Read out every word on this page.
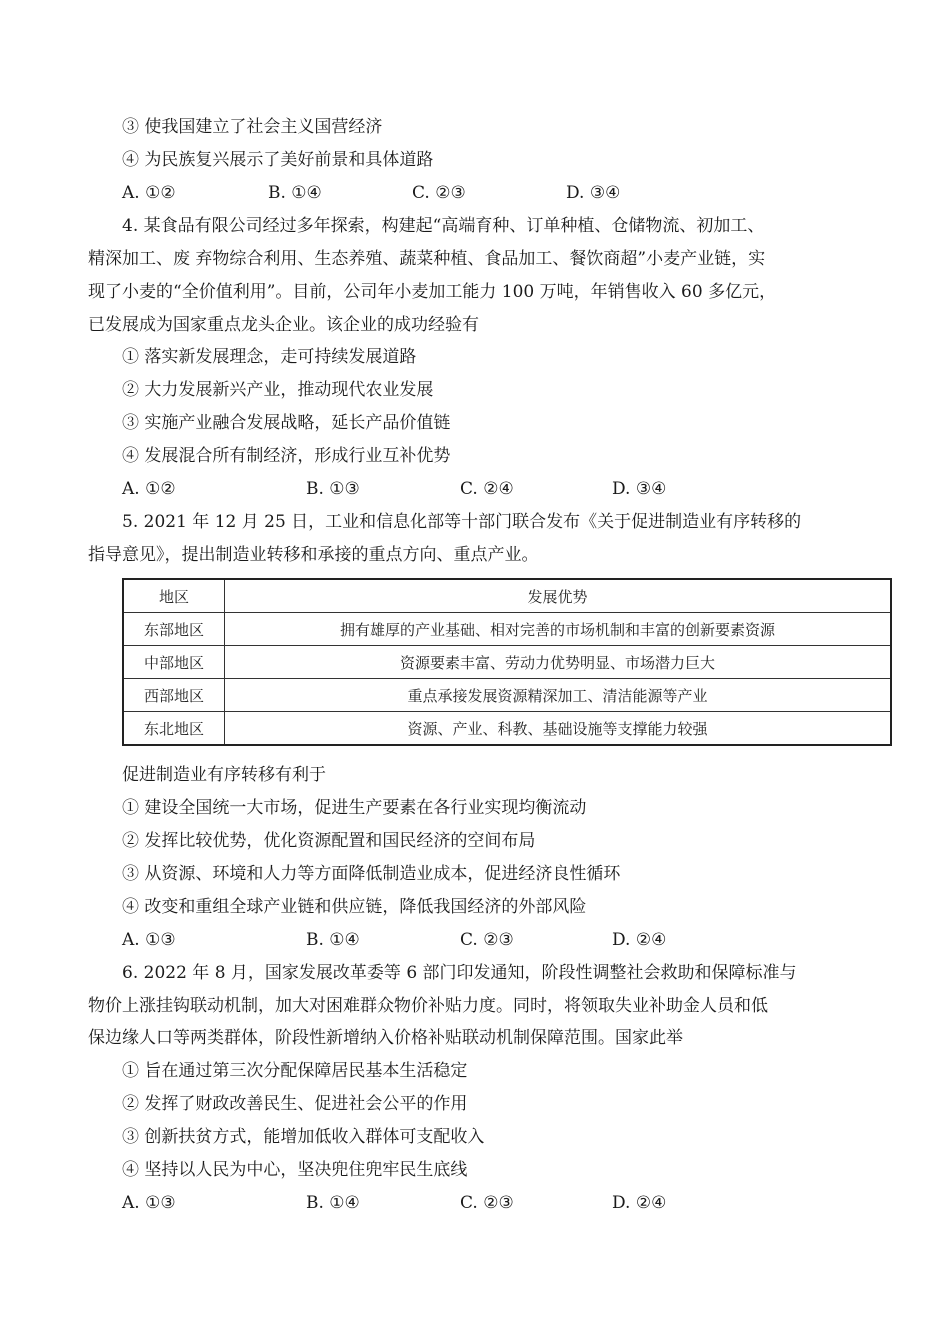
③ 使我国建立了社会主义国营经济
④ 为民族复兴展示了美好前景和具体道路
A. ①②	B. ①④	C. ②③	D. ③④
4. 某食品有限公司经过多年探索，构建起“高端育种、订单种植、仓储物流、初加工、
精深加工、废 弃物综合利用、生态养殖、蔬菜种植、食品加工、餐饮商超”小麦产业链，实
现了小麦的“全价值利用”。目前，公司年小麦加工能力 100 万吨，年销售收入 60 多亿元，
已发展成为国家重点龙头企业。该企业的成功经验有
① 落实新发展理念，走可持续发展道路
② 大力发展新兴产业，推动现代农业发展
③ 实施产业融合发展战略，延长产品价值链
④ 发展混合所有制经济，形成行业互补优势
A. ①②	B. ①③	C. ②④	D. ③④
5. 2021 年 12 月 25 日，工业和信息化部等十部门联合发布《关于促进制造业有序转移的
指导意见》，提出制造业转移和承接的重点方向、重点产业。
地区	发展优势
东部地区	拥有雄厚的产业基础、相对完善的市场机制和丰富的创新要素资源
中部地区	资源要素丰富、劳动力优势明显、市场潜力巨大
西部地区	重点承接发展资源精深加工、清洁能源等产业
东北地区	资源、产业、科教、基础设施等支撑能力较强
促进制造业有序转移有利于
① 建设全国统一大市场，促进生产要素在各行业实现均衡流动
② 发挥比较优势，优化资源配置和国民经济的空间布局
③ 从资源、环境和人力等方面降低制造业成本，促进经济良性循环
④ 改变和重组全球产业链和供应链，降低我国经济的外部风险
A. ①③	B. ①④	C. ②③	D. ②④
6. 2022 年 8 月，国家发展改革委等 6 部门印发通知，阶段性调整社会救助和保障标准与
物价上涨挂钩联动机制，加大对困难群众物价补贴力度。同时，将领取失业补助金人员和低
保边缘人口等两类群体，阶段性新增纳入价格补贴联动机制保障范围。国家此举
① 旨在通过第三次分配保障居民基本生活稳定
② 发挥了财政改善民生、促进社会公平的作用
③ 创新扶贫方式，能增加低收入群体可支配收入
④ 坚持以人民为中心，坚决兜住兜牢民生底线
A. ①③	B. ①④	C. ②③	D. ②④
